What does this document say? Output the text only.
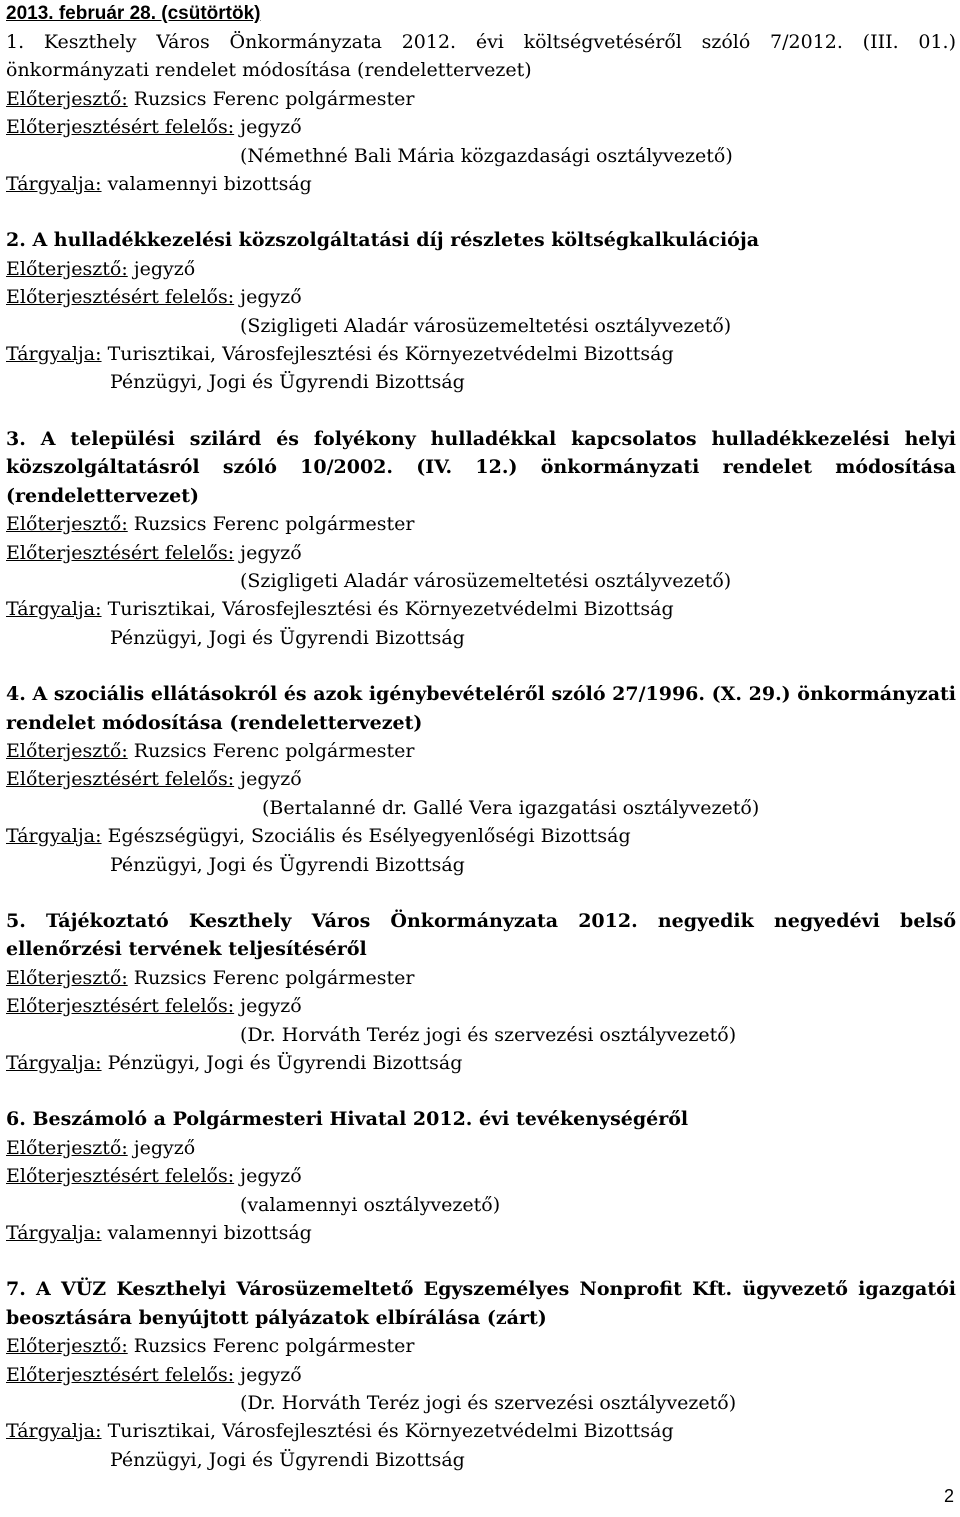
2013. február 28. (csütörtök)
1. Keszthely Város Önkormányzata 2012. évi költségvetéséről szóló 7/2012. (III. 01.) önkormányzati rendelet módosítása (rendelettervezet)
Előterjesztő: Ruzsics Ferenc polgármester
Előterjesztésért felelős: jegyző
(Némethné Bali Mária közgazdasági osztályvezető)
Tárgyalja: valamennyi bizottság
2. A hulladékkezelési közszolgáltatási díj részletes költségkalkulációja
Előterjesztő: jegyző
Előterjesztésért felelős: jegyző
(Szigligeti Aladár városüzemeltetési osztályvezető)
Tárgyalja: Turisztikai, Városfejlesztési és Környezetvédelmi Bizottság
Pénzügyi, Jogi és Ügyrendi Bizottság
3. A települési szilárd és folyékony hulladékkal kapcsolatos hulladékkezelési helyi közszolgáltatásról szóló 10/2002. (IV. 12.) önkormányzati rendelet módosítása (rendelettervezet)
Előterjesztő: Ruzsics Ferenc polgármester
Előterjesztésért felelős: jegyző
(Szigligeti Aladár városüzemeltetési osztályvezető)
Tárgyalja: Turisztikai, Városfejlesztési és Környezetvédelmi Bizottság
Pénzügyi, Jogi és Ügyrendi Bizottság
4. A szociális ellátásokról és azok igénybevételéről szóló 27/1996. (X. 29.) önkormányzati rendelet módosítása (rendelettervezet)
Előterjesztő: Ruzsics Ferenc polgármester
Előterjesztésért felelős: jegyző
(Bertalanné dr. Gallé Vera igazgatási osztályvezető)
Tárgyalja: Egészségügyi, Szociális és Esélyegyenlőségi Bizottság
Pénzügyi, Jogi és Ügyrendi Bizottság
5. Tájékoztató Keszthely Város Önkormányzata 2012. negyedik negyedévi belső ellenőrzési tervének teljesítéséről
Előterjesztő: Ruzsics Ferenc polgármester
Előterjesztésért felelős: jegyző
(Dr. Horváth Teréz jogi és szervezési osztályvezető)
Tárgyalja: Pénzügyi, Jogi és Ügyrendi Bizottság
6. Beszámoló a Polgármesteri Hivatal 2012. évi tevékenységéről
Előterjesztő: jegyző
Előterjesztésért felelős: jegyző
(valamennyi osztályvezető)
Tárgyalja: valamennyi bizottság
7. A VÜZ Keszthelyi Városüzemeltető Egyszemélyes Nonprofit Kft. ügyvezető igazgatói beosztására benyújtott pályázatok elbírálása (zárt)
Előterjesztő: Ruzsics Ferenc polgármester
Előterjesztésért felelős: jegyző
(Dr. Horváth Teréz jogi és szervezési osztályvezető)
Tárgyalja: Turisztikai, Városfejlesztési és Környezetvédelmi Bizottság
Pénzügyi, Jogi és Ügyrendi Bizottság
2
